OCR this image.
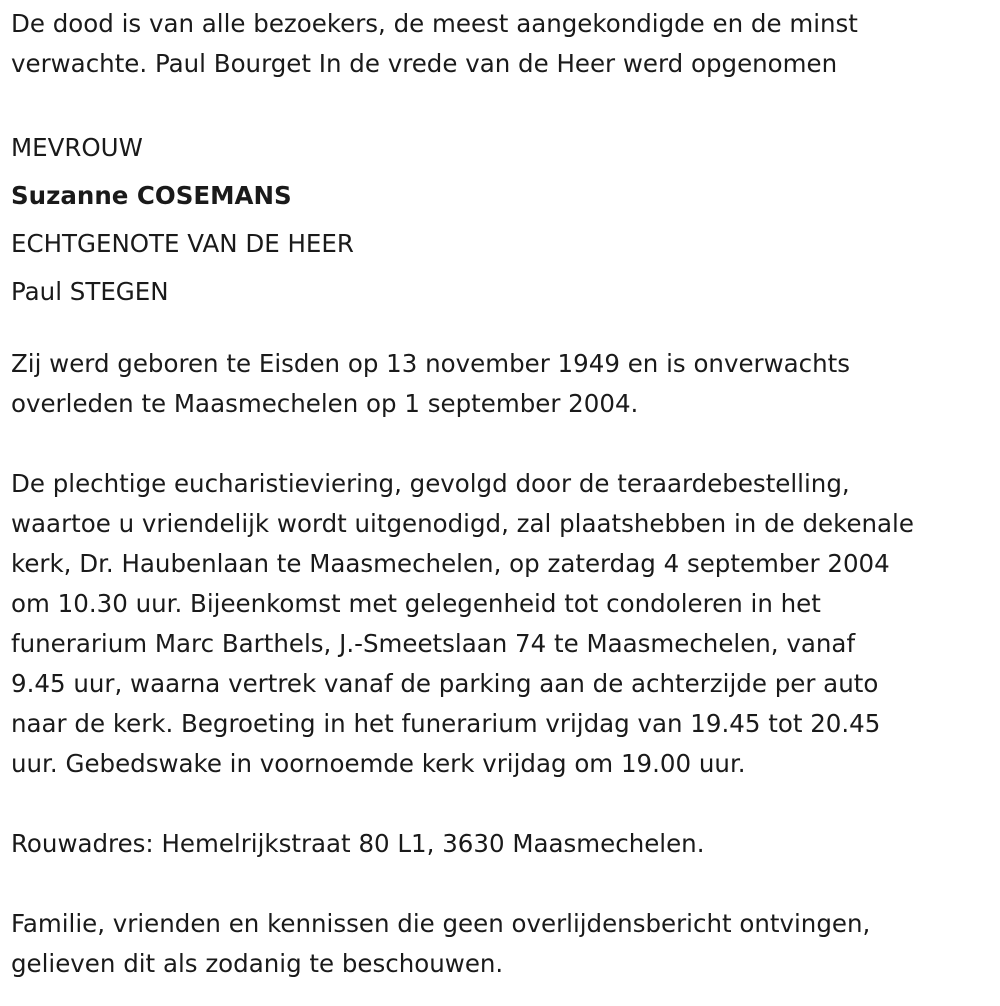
De dood is van alle bezoekers, de meest aangekondigde en de minst
verwachte. Paul Bourget In de vrede van de Heer werd opgenomen

MEVROUW
Suzanne COSEMANS
ECHTGENOTE VAN DE HEER
Paul STEGEN

Zij werd geboren te Eisden op 13 november 1949 en is onverwachts
overleden te Maasmechelen op 1 september 2004.

De plechtige eucharistieviering, gevolgd door de teraardebestelling,
waartoe u vriendelijk wordt uitgenodigd, zal plaatshebben in de dekenale
kerk, Dr. Haubenlaan te Maasmechelen, op zaterdag 4 september 2004
om 10.30 uur. Bijeenkomst met gelegenheid tot condoleren in het
funerarium Marc Barthels, J.-Smeetslaan 74 te Maasmechelen, vanaf
9.45 uur, waarna vertrek vanaf de parking aan de achterzijde per auto
naar de kerk. Begroeting in het funerarium vrijdag van 19.45 tot 20.45
uur. Gebedswake in voornoemde kerk vrijdag om 19.00 uur.

Rouwadres: Hemelrijkstraat 80 L1, 3630 Maasmechelen.

Familie, vrienden en kennissen die geen overlijdensbericht ontvingen,
gelieven dit als zodanig te beschouwen.
